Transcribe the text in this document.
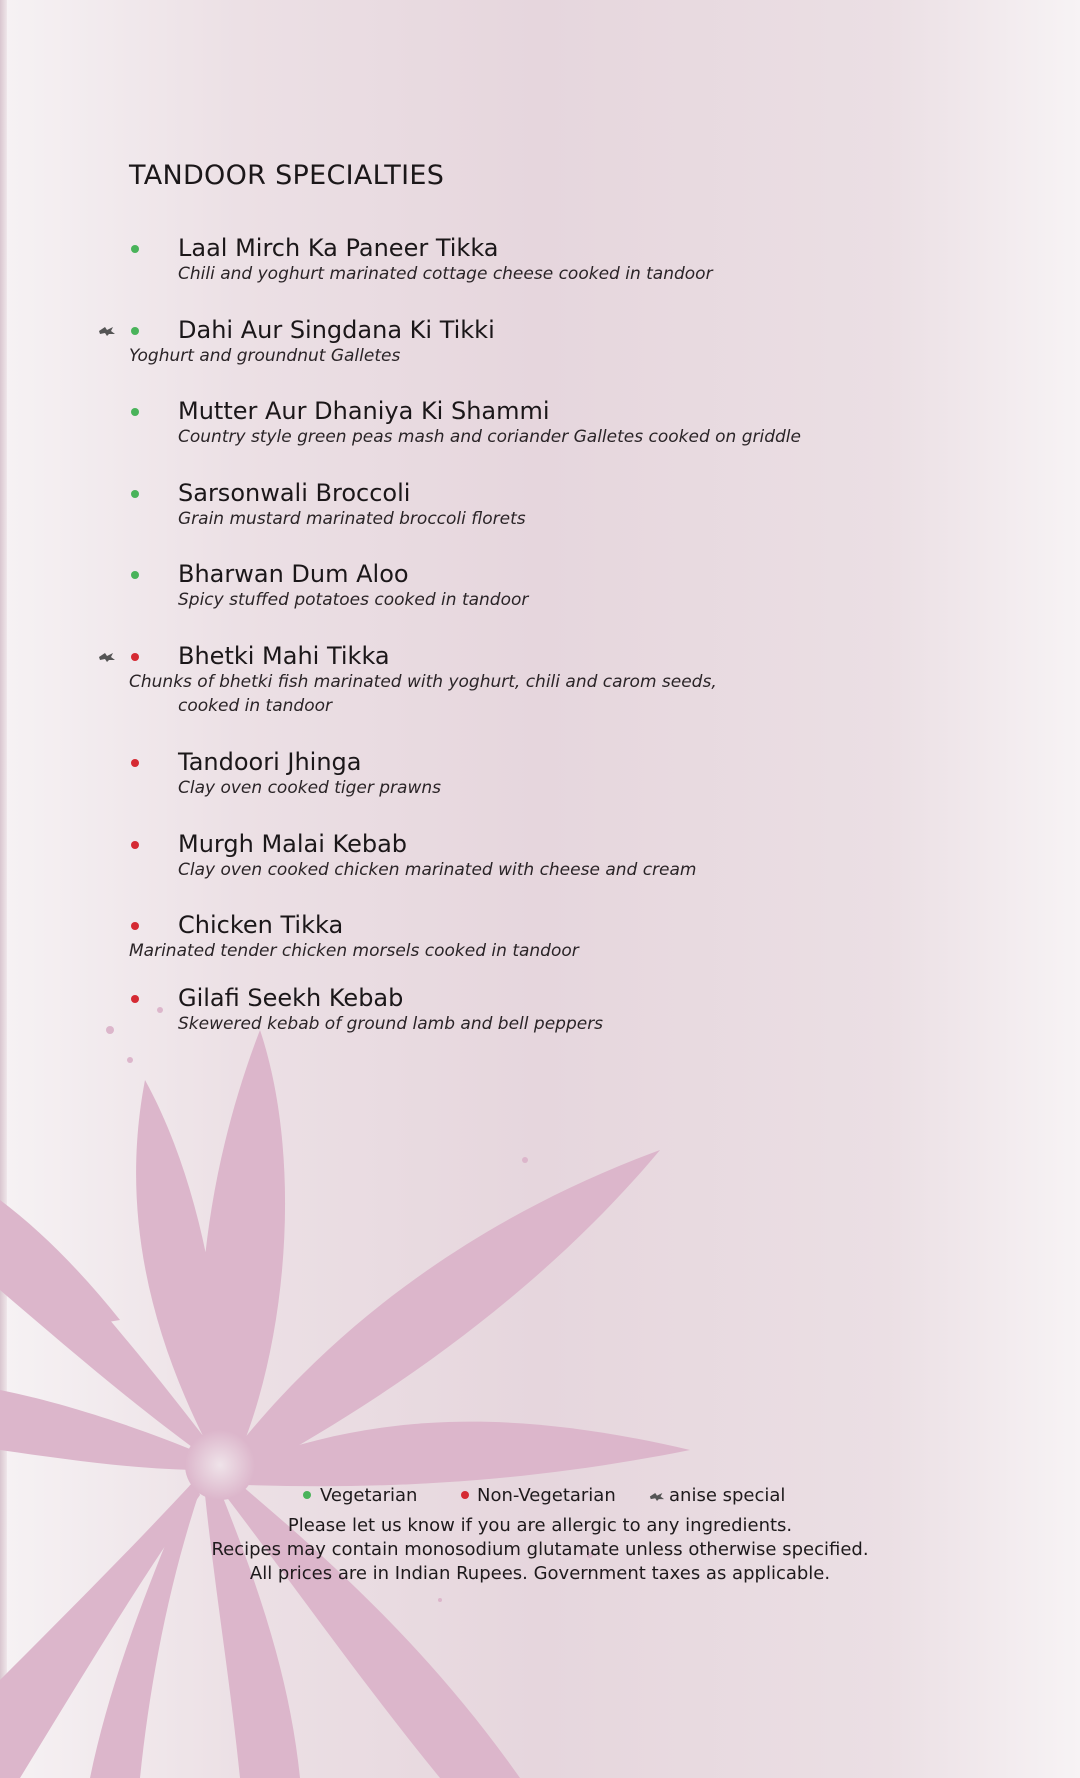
TANDOOR SPECIALTIES
Laal Mirch Ka Paneer Tikka
Chili and yoghurt marinated cottage cheese cooked in tandoor
Dahi Aur Singdana Ki Tikki
Yoghurt and groundnut Galletes
Mutter Aur Dhaniya Ki Shammi
Country style green peas mash and coriander Galletes cooked on griddle
Sarsonwali Broccoli
Grain mustard marinated broccoli florets
Bharwan Dum Aloo
Spicy stuffed potatoes cooked in tandoor
Bhetki Mahi Tikka
Chunks of bhetki fish marinated with yoghurt, chili and carom seeds,
cooked in tandoor
Tandoori Jhinga
Clay oven cooked tiger prawns
Murgh Malai Kebab
Clay oven cooked chicken marinated with cheese and cream
Chicken Tikka
Marinated tender chicken morsels cooked in tandoor
Gilafi Seekh Kebab
Skewered kebab of ground lamb and bell peppers
Vegetarian	Non-Vegetarian	anise special
Please let us know if you are allergic to any ingredients.
Recipes may contain monosodium glutamate unless otherwise specified.
All prices are in Indian Rupees. Government taxes as applicable.
